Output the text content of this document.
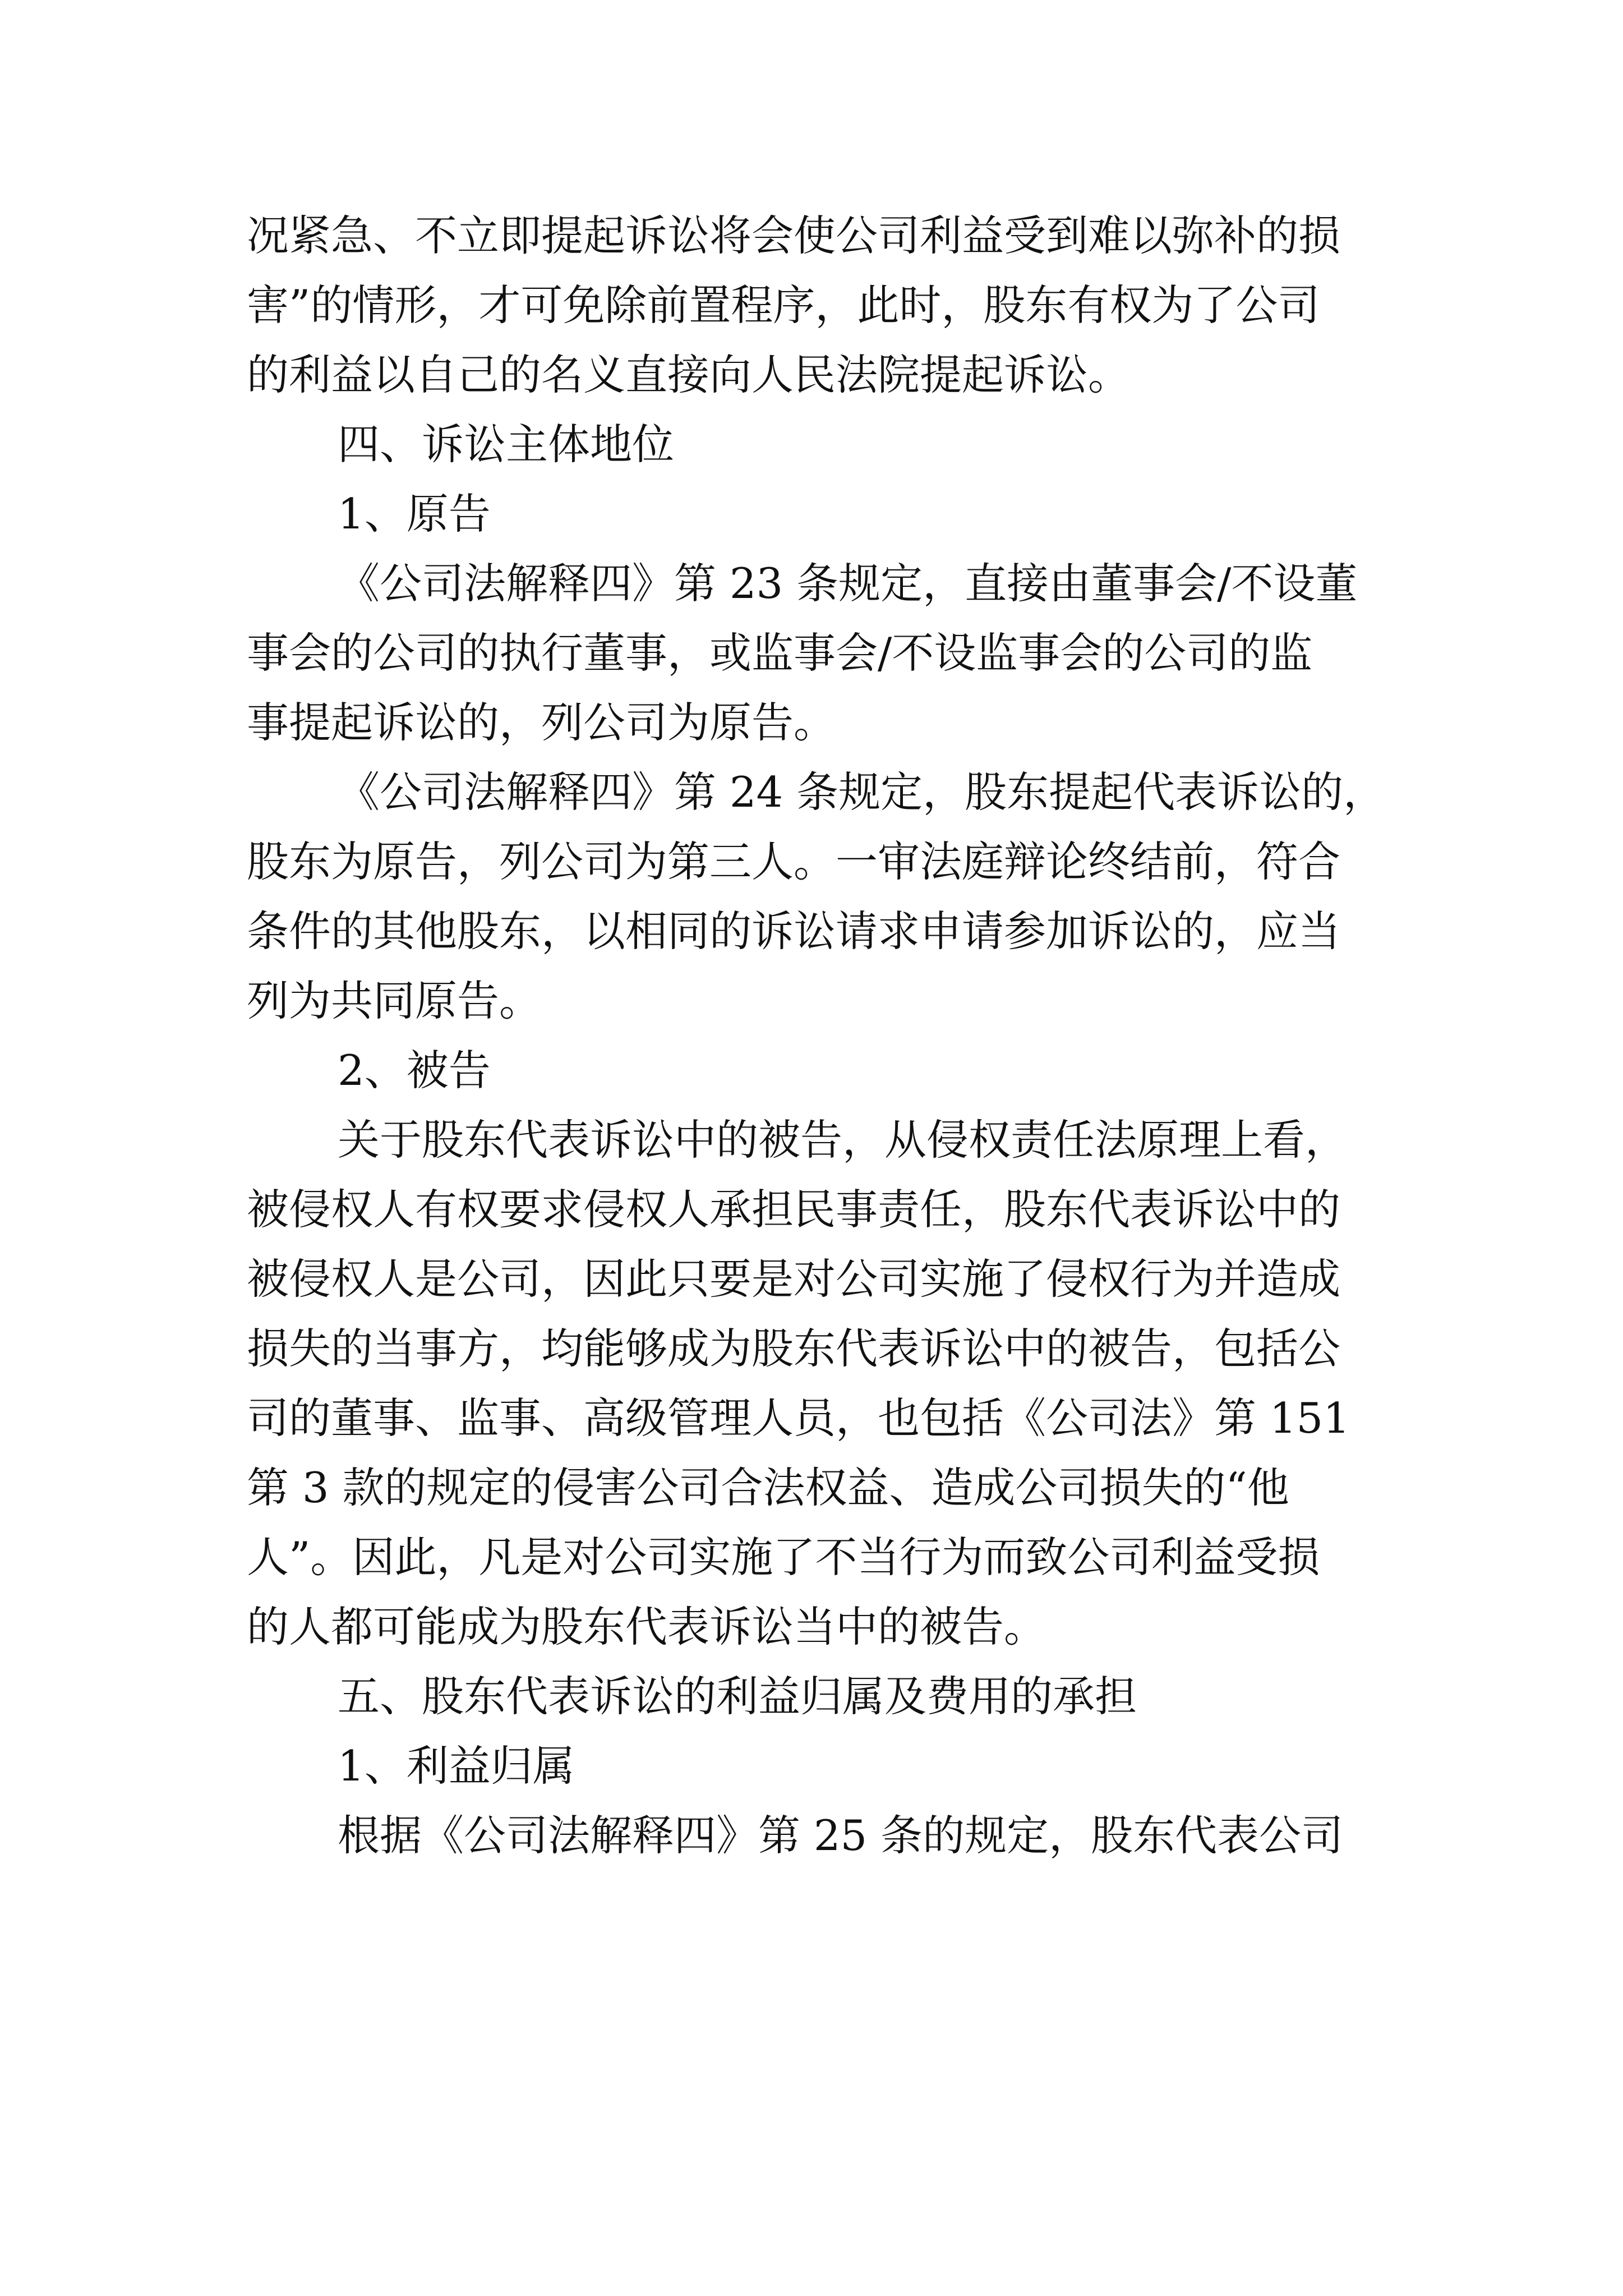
况紧急、不立即提起诉讼将会使公司利益受到难以弥补的损
害”的情形，才可免除前置程序，此时，股东有权为了公司
的利益以自己的名义直接向人民法院提起诉讼。
四、诉讼主体地位
1、原告
《公司法解释四》第 23 条规定，直接由董事会/不设董
事会的公司的执行董事，或监事会/不设监事会的公司的监
事提起诉讼的，列公司为原告。
《公司法解释四》第 24 条规定，股东提起代表诉讼的，
股东为原告，列公司为第三人。一审法庭辩论终结前，符合
条件的其他股东，以相同的诉讼请求申请参加诉讼的，应当
列为共同原告。
2、被告
关于股东代表诉讼中的被告，从侵权责任法原理上看，
被侵权人有权要求侵权人承担民事责任，股东代表诉讼中的
被侵权人是公司，因此只要是对公司实施了侵权行为并造成
损失的当事方，均能够成为股东代表诉讼中的被告，包括公
司的董事、监事、高级管理人员，也包括《公司法》第 151
第 3 款的规定的侵害公司合法权益、造成公司损失的“他
人”。因此，凡是对公司实施了不当行为而致公司利益受损
的人都可能成为股东代表诉讼当中的被告。
五、股东代表诉讼的利益归属及费用的承担
1、利益归属
根据《公司法解释四》第 25 条的规定，股东代表公司
